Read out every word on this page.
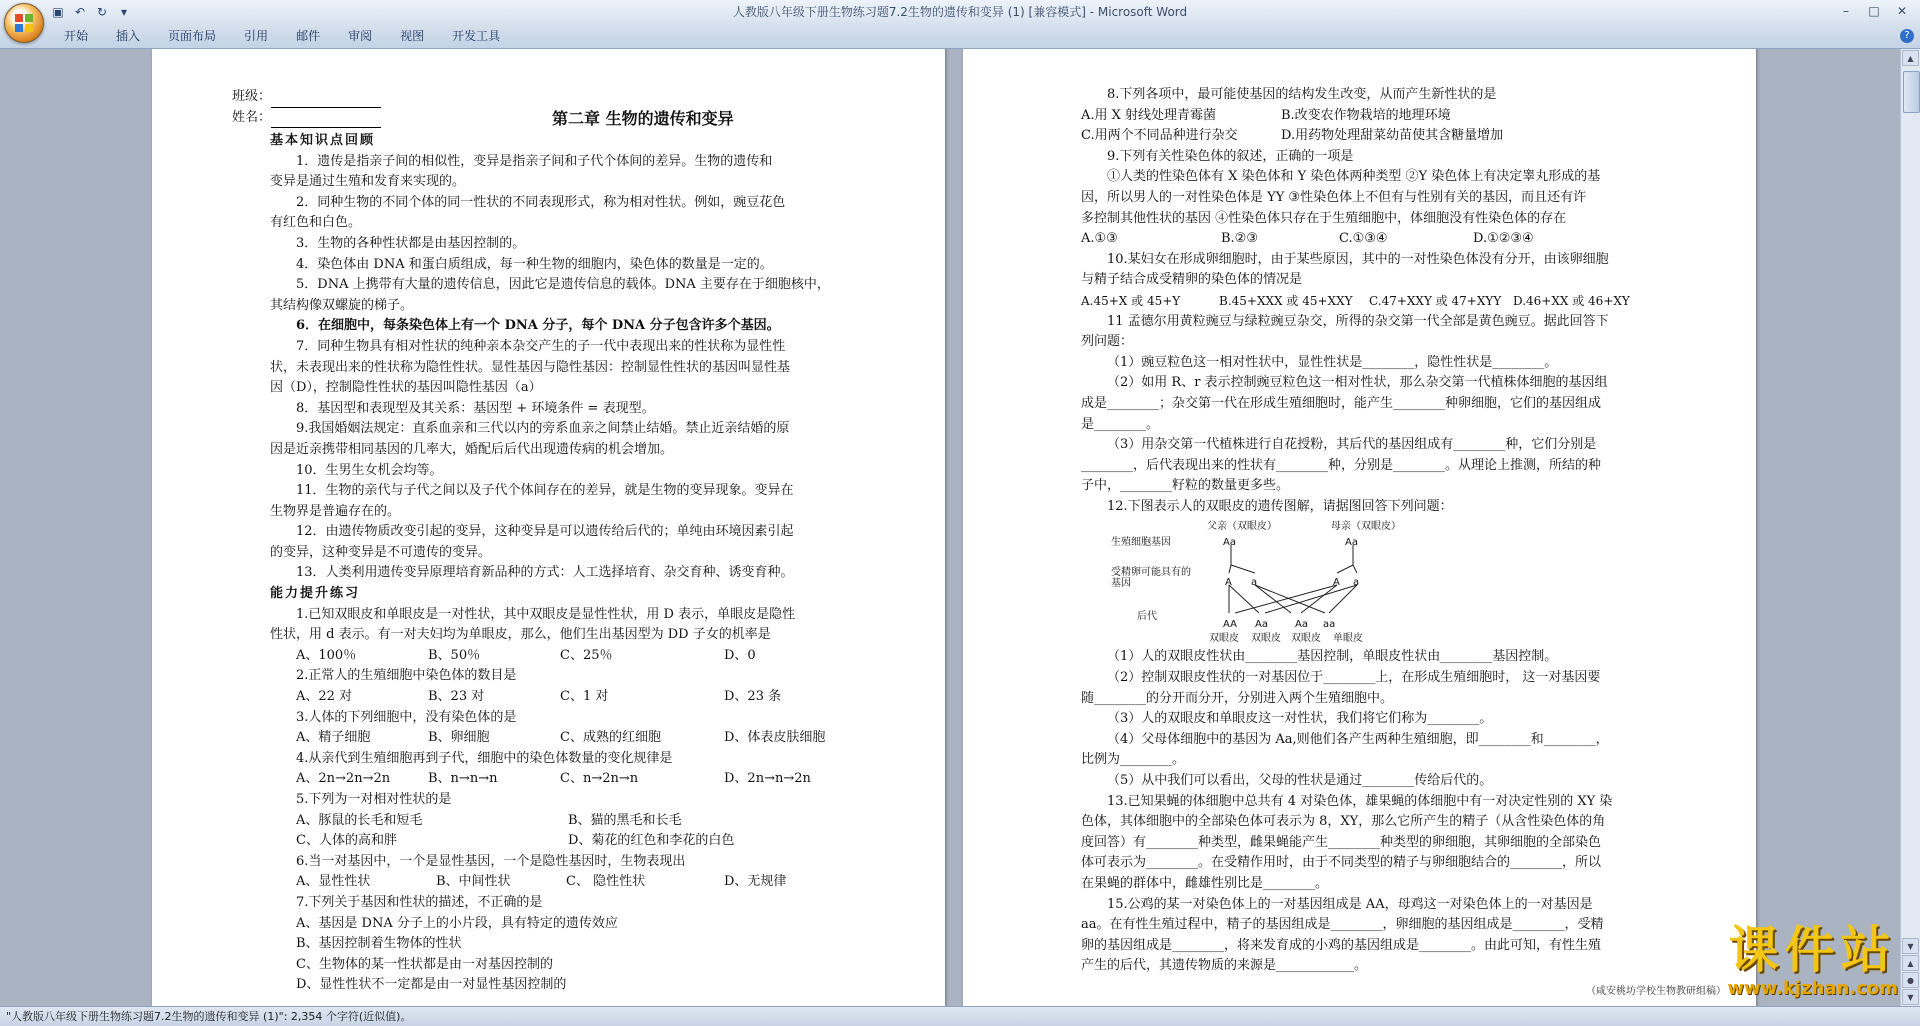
▣ ↶ ↻	▾	人教版八年级下册生物练习题7.2生物的遗传和变异 (1) [兼容模式] - Microsoft Word	–	□	✕
开始	插入	页面布局	引用	邮件	审阅	视图	开发工具	?
班级：
姓名：	第二章 生物的遗传和变异
基本知识点回顾
1．遗传是指亲子间的相似性，变异是指亲子间和子代个体间的差异。生物的遗传和
变异是通过生殖和发育来实现的。
2．同种生物的不同个体的同一性状的不同表现形式，称为相对性状。例如，豌豆花色
有红色和白色。
3．生物的各种性状都是由基因控制的。
4．染色体由 DNA 和蛋白质组成，每一种生物的细胞内，染色体的数量是一定的。
5．DNA 上携带有大量的遗传信息，因此它是遗传信息的载体。DNA 主要存在于细胞核中，
其结构像双螺旋的梯子。
6．在细胞中，每条染色体上有一个 DNA 分子，每个 DNA 分子包含许多个基因。
7．同种生物具有相对性状的纯种亲本杂交产生的子一代中表现出来的性状称为显性性
状，未表现出来的性状称为隐性性状。显性基因与隐性基因：控制显性性状的基因叫显性基
因（D），控制隐性性状的基因叫隐性基因（a）
8．基因型和表现型及其关系：基因型 + 环境条件 = 表现型。
9.我国婚姻法规定：直系血亲和三代以内的旁系血亲之间禁止结婚。禁止近亲结婚的原
因是近亲携带相同基因的几率大，婚配后后代出现遗传病的机会增加。
10．生男生女机会均等。
11．生物的亲代与子代之间以及子代个体间存在的差异，就是生物的变异现象。变异在
生物界是普遍存在的。
12．由遗传物质改变引起的变异，这种变异是可以遗传给后代的；单纯由环境因素引起
的变异，这种变异是不可遗传的变异。
13．人类利用遗传变异原理培育新品种的方式：人工选择培育、杂交育种、诱变育种。
能力提升练习
1.已知双眼皮和单眼皮是一对性状，其中双眼皮是显性性状，用 D 表示，单眼皮是隐性
性状，用 d 表示。有一对夫妇均为单眼皮，那么，他们生出基因型为 DD 子女的机率是
A、100％	B、50％	C、25％	D、0
2.正常人的生殖细胞中染色体的数目是
A、22 对	B、23 对	C、1 对	D、23 条
3.人体的下列细胞中，没有染色体的是
A、精子细胞	B、卵细胞	C、成熟的红细胞	D、体表皮肤细胞
4.从亲代到生殖细胞再到子代，细胞中的染色体数量的变化规律是
A、2n→2n→2n	B、n→n→n	C、n→2n→n	D、2n→n→2n
5.下列为一对相对性状的是
A、豚鼠的长毛和短毛	B、猫的黑毛和长毛
C、人体的高和胖	D、菊花的红色和李花的白色
6.当一对基因中，一个是显性基因，一个是隐性基因时，生物表现出
A、显性性状	B、中间性状	C、 隐性性状	D、无规律
7.下列关于基因和性状的描述，不正确的是
A、基因是 DNA 分子上的小片段，具有特定的遗传效应
B、基因控制着生物体的性状
C、生物体的某一性状都是由一对基因控制的
D、显性性状不一定都是由一对显性基因控制的
8.下列各项中，最可能使基因的结构发生改变，从而产生新性状的是
A.用 X 射线处理青霉菌	B.改变农作物栽培的地理环境
C.用两个不同品种进行杂交	D.用药物处理甜菜幼苗使其含糖量增加
9.下列有关性染色体的叙述，正确的一项是
①人类的性染色体有 X 染色体和 Y 染色体两种类型 ②Y 染色体上有决定睾丸形成的基
因，所以男人的一对性染色体是 YY ③性染色体上不但有与性别有关的基因，而且还有许
多控制其他性状的基因 ④性染色体只存在于生殖细胞中，体细胞没有性染色体的存在
A.①③	B.②③	C.①③④	D.①②③④
10.某妇女在形成卵细胞时，由于某些原因，其中的一对性染色体没有分开，由该卵细胞
与精子结合成受精卵的染色体的情况是
A.45+X 或 45+Y	B.45+XXX 或 45+XXY C.47+XXY 或 47+XYY D.46+XX 或 46+XY
11 孟德尔用黄粒豌豆与绿粒豌豆杂交，所得的杂交第一代全部是黄色豌豆。据此回答下
列问题：
（1）豌豆粒色这一相对性状中，显性性状是________，隐性性状是________。
（2）如用 R、r 表示控制豌豆粒色这一相对性状，那么杂交第一代植株体细胞的基因组
成是________；杂交第一代在形成生殖细胞时，能产生________种卵细胞，它们的基因组成
是________。
（3）用杂交第一代植株进行自花授粉，其后代的基因组成有________种，它们分别是
________，后代表现出来的性状有________种，分别是________。从理论上推测，所结的种
子中，________籽粒的数量更多些。
12.下图表示人的双眼皮的遗传图解，请据图回答下列问题：
父亲（双眼皮）	母亲（双眼皮）
生殖细胞基因	Aa	Aa
受精卵可能具有的基因	A a	A a
后代
AA Aa	Aa aa
双眼皮 双眼皮 双眼皮 单眼皮
（1）人的双眼皮性状由________基因控制，单眼皮性状由________基因控制。
（2）控制双眼皮性状的一对基因位于________上，在形成生殖细胞时， 这一对基因要
随________的分开而分开，分别进入两个生殖细胞中。
（3）人的双眼皮和单眼皮这一对性状，我们将它们称为________。
（4）父母体细胞中的基因为 Aa,则他们各产生两种生殖细胞，即________和________，
比例为________。
（5）从中我们可以看出，父母的性状是通过________传给后代的。
13.已知果蝇的体细胞中总共有 4 对染色体，雄果蝇的体细胞中有一对决定性别的 XY 染
色体，其体细胞中的全部染色体可表示为 8，XY，那么它所产生的精子（从含性染色体的角
度回答）有________种类型，雌果蝇能产生________种类型的卵细胞，其卵细胞的全部染色
体可表示为________。在受精作用时，由于不同类型的精子与卵细胞结合的________，所以
在果蝇的群体中，雌雄性别比是________。
15.公鸡的某一对染色体上的一对基因组成是 AA，母鸡这一对染色体上的一对基因是
aa。在有性生殖过程中，精子的基因组成是________，卵细胞的基因组成是________，受精
卵的基因组成是________，将来发育成的小鸡的基因组成是________。由此可知，有性生殖
产生的后代，其遗传物质的来源是____________。
（咸安桃坊学校生物教研组稿）
▲
▼
▲
●
▼
课件站
www.kjzhan.com
"人教版八年级下册生物练习题7.2生物的遗传和变异 (1)": 2,354 个字符(近似值)。
